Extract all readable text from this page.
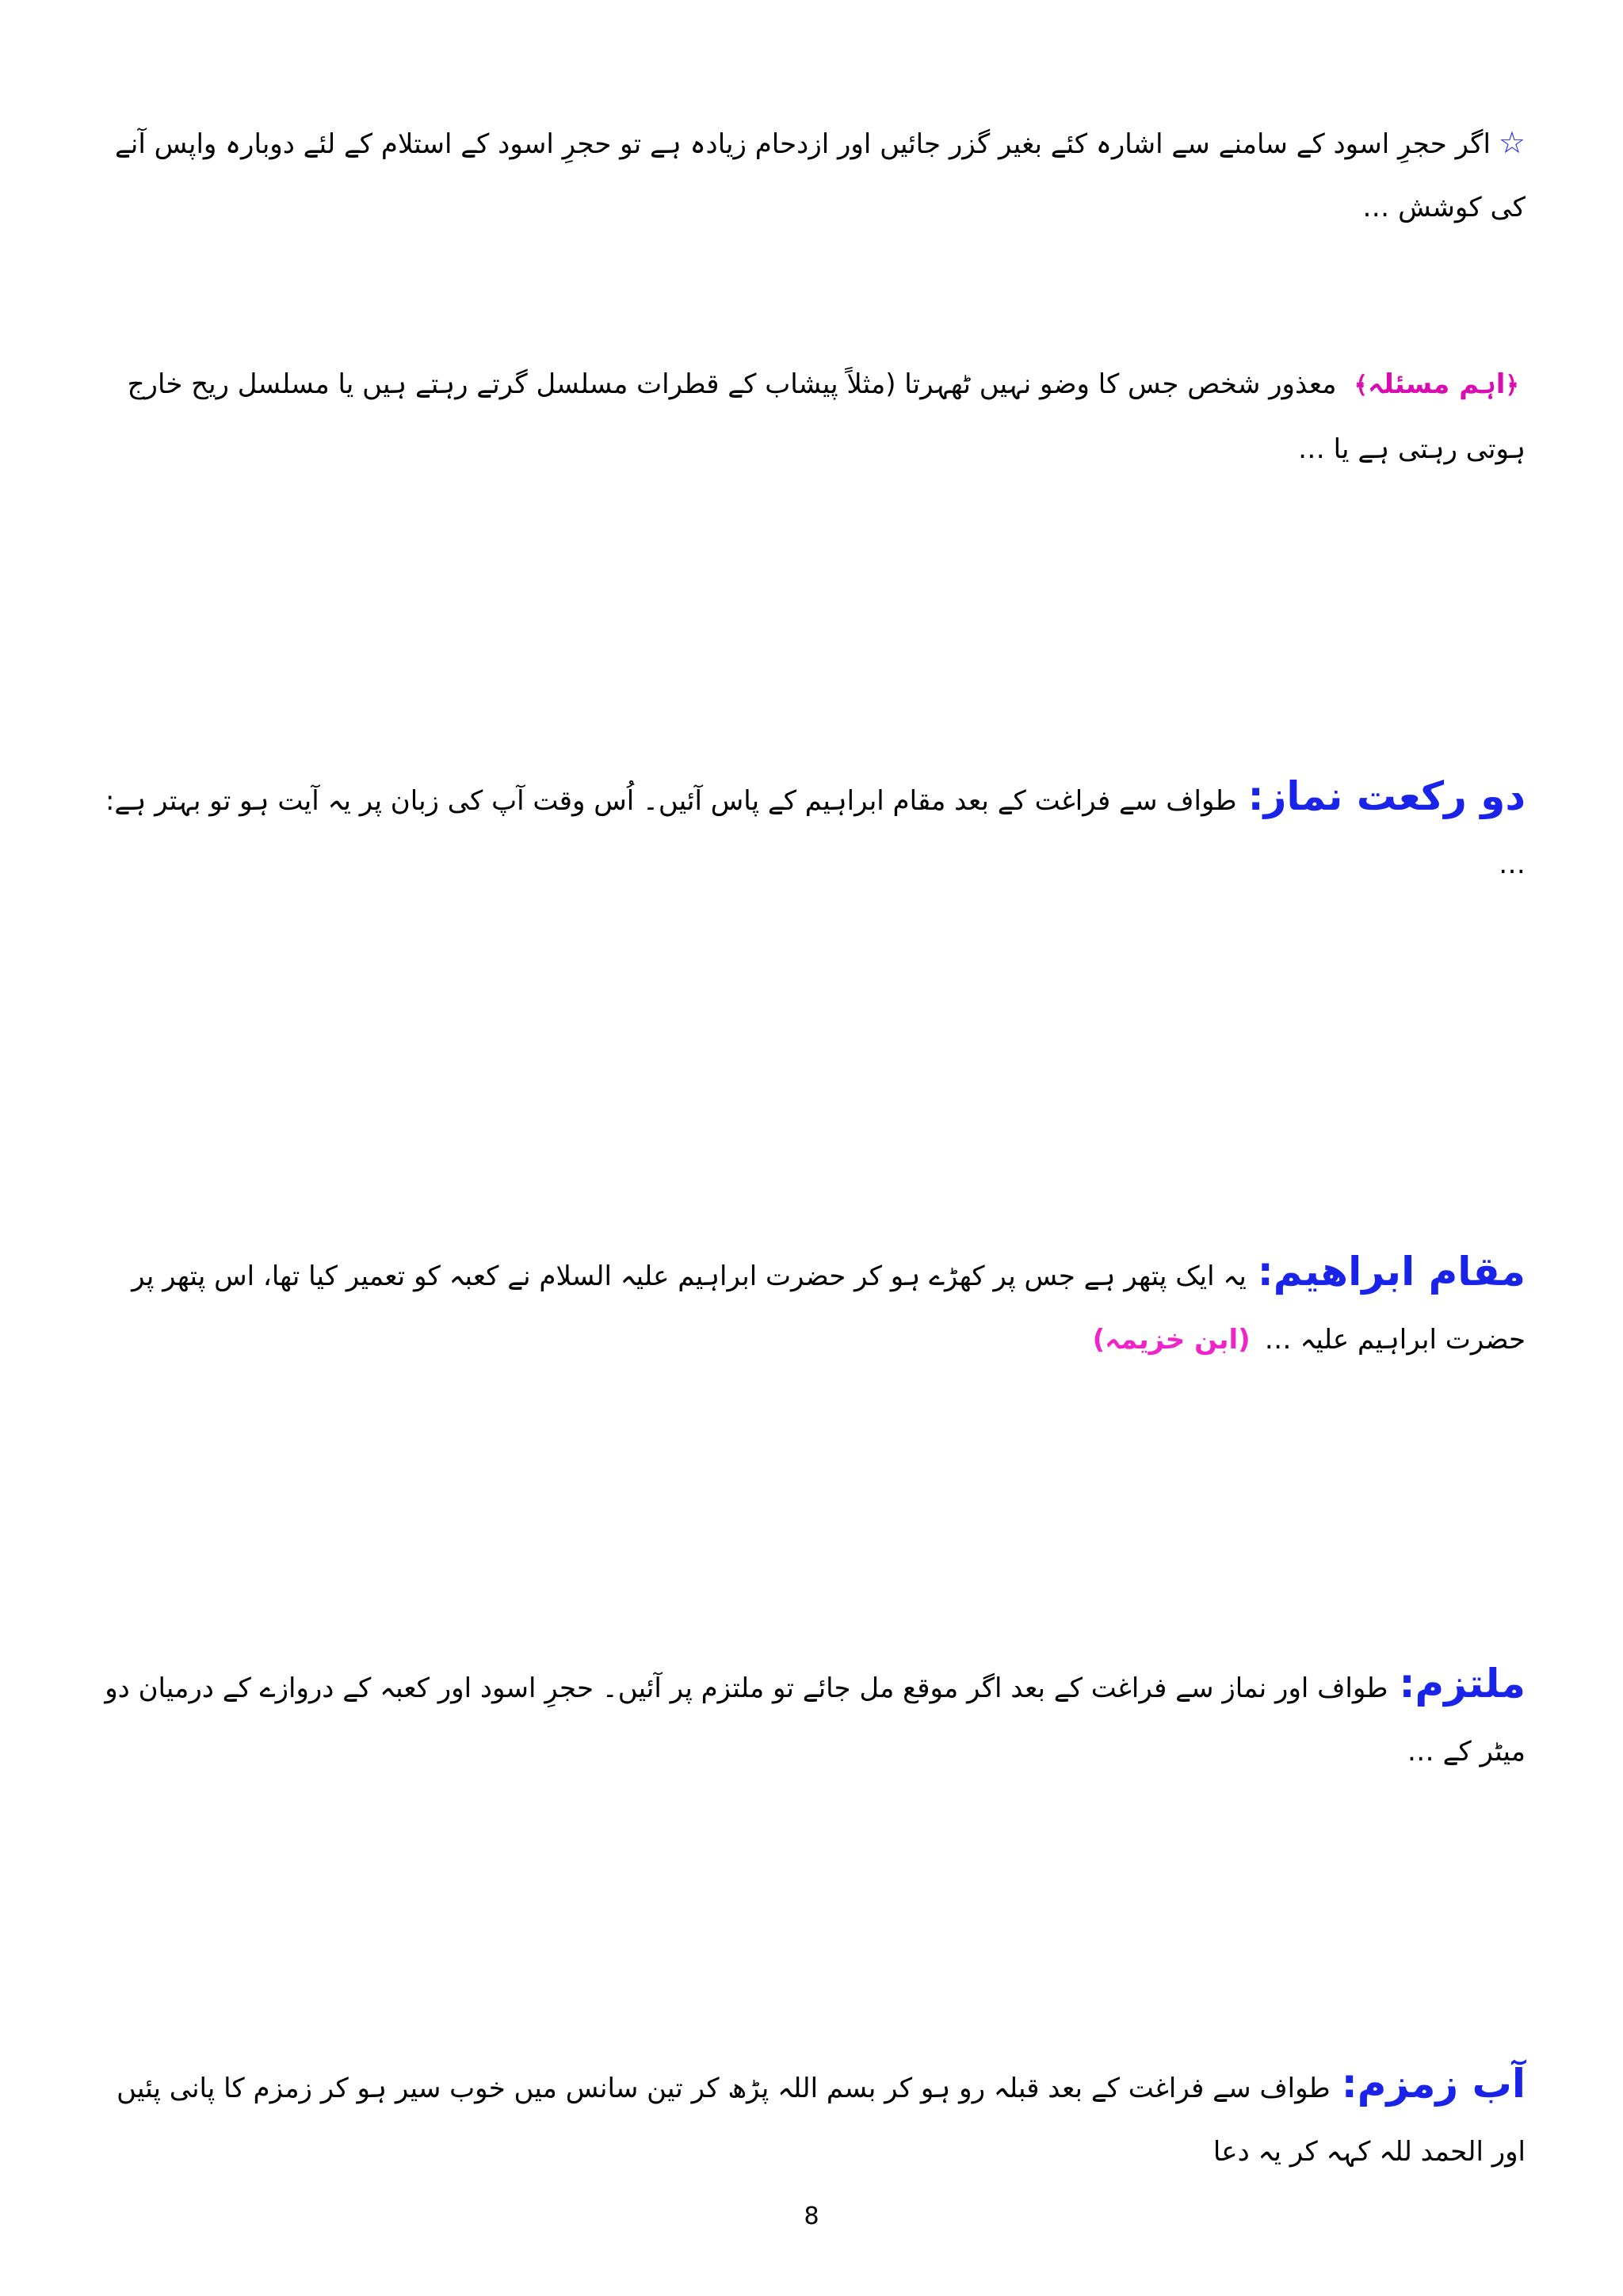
☆اگر حجرِ اسود کے سامنے سے اشارہ کئے بغیر گزر جائیں اور ازدحام زیادہ ہے تو حجرِ اسود کے استلام کے لئے دوبارہ واپس آنے کی کوشش …
﴿اہم مسئلہ﴾معذور شخص جس کا وضو نہیں ٹھہرتا (مثلاً پیشاب کے قطرات مسلسل گرتے رہتے ہیں یا مسلسل ریح خارج ہوتی رہتی ہے یا …
دو رکعت نماز:طواف سے فراغت کے بعد مقام ابراہیم کے پاس آئیں۔ اُس وقت آپ کی زبان پر یہ آیت ہو تو بہتر ہے: …
مقام ابراهیم:یہ ایک پتھر ہے جس پر کھڑے ہو کر حضرت ابراہیم علیہ السلام نے کعبہ کو تعمیر کیا تھا، اس پتھر پر حضرت ابراہیم علیہ …(ابن خزیمہ)
ملتزم:طواف اور نماز سے فراغت کے بعد اگر موقع مل جائے تو ملتزم پر آئیں۔ حجرِ اسود اور کعبہ کے دروازے کے درمیان دو میٹر کے …
آب زمزم:طواف سے فراغت کے بعد قبلہ رو ہو کر بسم اللہ پڑھ کر تین سانس میں خوب سیر ہو کر زمزم کا پانی پئیں اور الحمد للہ کہہ کر یہ دعا
8
